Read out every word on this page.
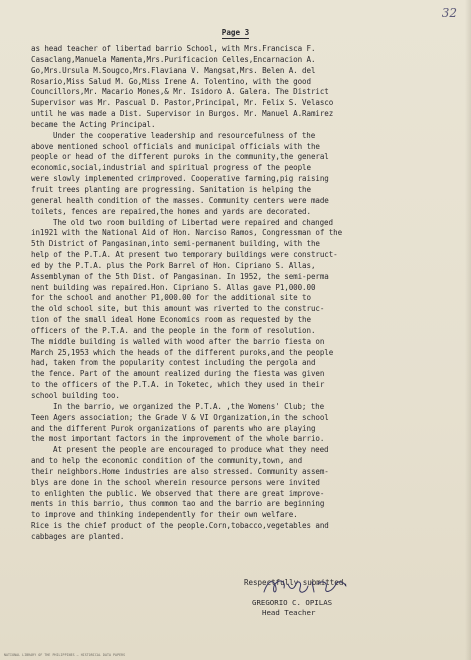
32
Page 3
as head teacher of libertad barrio School, with Mrs.Francisca F.
Casaclang,Manuela Mamenta,Mrs.Purificacion Celles,Encarnacion A.
Go,Mrs.Ursula M.Sougco,Mrs.Flaviana V. Mangsat,Mrs. Belen A. del
Rosario,Miss Salud M. Go,Miss Irene A. Tolentino, with the good
Councillors,Mr. Macario Mones,& Mr. Isidoro A. Galera. The District
Supervisor was Mr. Pascual D. Pastor,Principal, Mr. Felix S. Velasco
until he was made a Dist. Supervisor in Burgos. Mr. Manuel A.Ramirez
became the Acting Principal.
Under the cooperative leadership and resourcefulness of the
above mentioned school officials and municipal officials with the
people or head of the different puroks in the community,the general
economic,social,industrial and spiritual progress of the people
were slowly implemented crimproved. Cooperative farming,pig raising
fruit trees planting are progressing. Sanitation is helping the
general health condition of the masses. Community centers were made
toilets, fences are repaired,the homes and yards are decorated.
The old two room building of Libertad were repaired and changed
in1921 with the National Aid of Hon. Narciso Ramos, Congressman of the
5th District of Pangasinan,into semi-permanent building, with the
help of the P.T.A. At present two temporary buildings were construct-
ed by the P.T.A. plus the Pork Barrel of Hon. Cipriano S. Allas,
Assemblyman of the 5th Dist. of Pangasinan. In 1952, the semi-perma
nent building was repaired.Hon. Cipriano S. Allas gave P1,000.00
for the school and another P1,000.00 for the additional site to
the old school site, but this amount was riverted to the construc-
tion of the small ideal Home Economics room as requested by the
officers of the P.T.A. and the people in the form of resolution.
The middle building is walled with wood after the barrio fiesta on
March 25,1953 which the heads of the different puroks,and the people
had, taken from the popularity contest including the pergola and
the fence. Part of the amount realized during the fiesta was given
to the officers of the P.T.A. in Toketec, which they used in their
school building too.
In the barrio, we organized the P.T.A. ,the Womens' Club; the
Teen Agers association; the Grade V & VI Organization,in the school
and the different Purok organizations of parents who are playing
the most important factors in the improvement of the whole barrio.
At present the people are encouraged to produce what they need
and to help the economic condition of the community,town, and
their neighbors.Home industries are also stressed. Community assem-
blys are done in the school wherein resource persons were invited
to enlighten the public. We observed that there are great improve-
ments in this barrio, thus common tao and the barrio are beginning
to improve and thinking independently for their own welfare.
Rice is the chief product of the people.Corn,tobacco,vegetables and
cabbages are planted.
Respectfully submitted,
GREGORIO C. OPILAS
Head Teacher
NATIONAL LIBRARY OF THE PHILIPPINES — HISTORICAL DATA PAPERS
